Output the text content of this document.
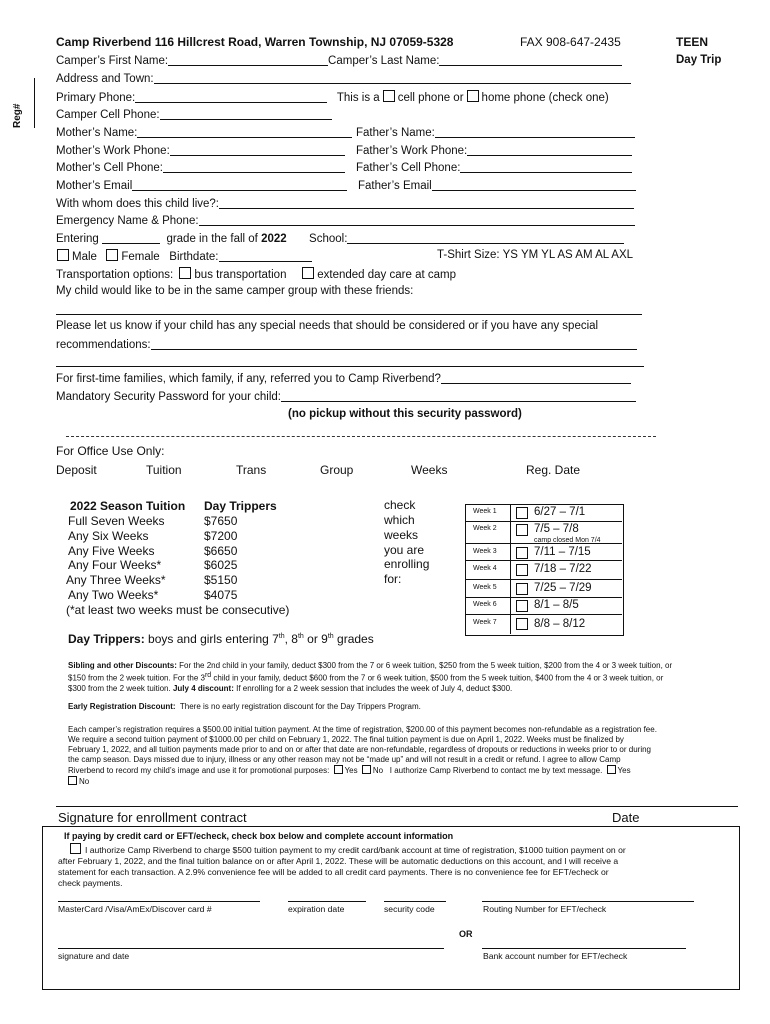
Reg#
Camp Riverbend 116 Hillcrest Road, Warren Township, NJ 07059-5328	FAX 908-647-2435	TEEN
Day Trip
Camper’s First Name:	Camper’s Last Name:
Address and Town:
Primary Phone:	This is a cell phone or home phone (check one)
Camper Cell Phone:
Mother’s Name:	Father’s Name:
Mother’s Work Phone:	Father’s Work Phone:
Mother’s Cell Phone:	Father’s Cell Phone:
Mother’s Email	Father’s Email
With whom does this child live?:
Emergency Name & Phone:
Entering	grade in the fall of 2022 School:
Male Female Birthdate:	T-Shirt Size: YS YM YL AS AM AL AXL
Transportation options: bus transportation	extended day care at camp
My child would like to be in the same camper group with these friends:
Please let us know if your child has any special needs that should be considered or if you have any special
recommendations:
For first-time families, which family, if any, referred you to Camp Riverbend?
Mandatory Security Password for your child:
(no pickup without this security password)
For Office Use Only:
Deposit	Tuition	Trans	Group	Weeks	Reg. Date
2022 Season Tuition Day Trippers
Full Seven Weeks	$7650
Any Six Weeks	$7200
Any Five Weeks	$6650
Any Four Weeks*	$6025
Any Three Weeks*	$5150
Any Two Weeks*	$4075
(*at least two weeks must be consecutive)
check
which
weeks
you are
enrolling
for:
Week 1	6/27 – 7/1
Week 2	7/5 – 7/8
camp closed Mon 7/4
Week 3	7/11 – 7/15
Week 4	7/18 – 7/22
Week 5	7/25 – 7/29
Week 6	8/1 – 8/5
Week 7	8/8 – 8/12
Day Trippers: boys and girls entering 7th, 8th or 9th grades
Sibling and other Discounts: For the 2nd child in your family, deduct $300 from the 7 or 6 week tuition, $250 from the 5 week tuition, $200 from the 4 or 3 week tuition, or
$150 from the 2 week tuition. For the 3rd child in your family, deduct $600 from the 7 or 6 week tuition, $500 from the 5 week tuition, $400 from the 4 or 3 week tuition, or
$300 from the 2 week tuition. July 4 discount: If enrolling for a 2 week session that includes the week of July 4, deduct $300.
Early Registration Discount: There is no early registration discount for the Day Trippers Program.
Each camper’s registration requires a $500.00 initial tuition payment. At the time of registration, $200.00 of this payment becomes non-refundable as a registration fee.
We require a second tuition payment of $1000.00 per child on February 1, 2022. The final tuition payment is due on April 1, 2022. Weeks must be finalized by
February 1, 2022, and all tuition payments made prior to and on or after that date are non-refundable, regardless of dropouts or reductions in weeks prior to or during
the camp season. Days missed due to injury, illness or any other reason may not be “made up” and will not result in a credit or refund. I agree to allow Camp
Riverbend to record my child’s image and use it for promotional purposes: Yes No I authorize Camp Riverbend to contact me by text message. Yes
No
Signature for enrollment contract	Date
If paying by credit card or EFT/echeck, check box below and complete account information
I authorize Camp Riverbend to charge $500 tuition payment to my credit card/bank account at time of registration, $1000 tuition payment on or
after February 1, 2022, and the final tuition balance on or after April 1, 2022. These will be automatic deductions on this account, and I will receive a
statement for each transaction. A 2.9% convenience fee will be added to all credit card payments. There is no convenience fee for EFT/echeck or
check payments.
MasterCard /Visa/AmEx/Discover card #	expiration date	security code	Routing Number for EFT/echeck
OR
signature and date	Bank account number for EFT/echeck
